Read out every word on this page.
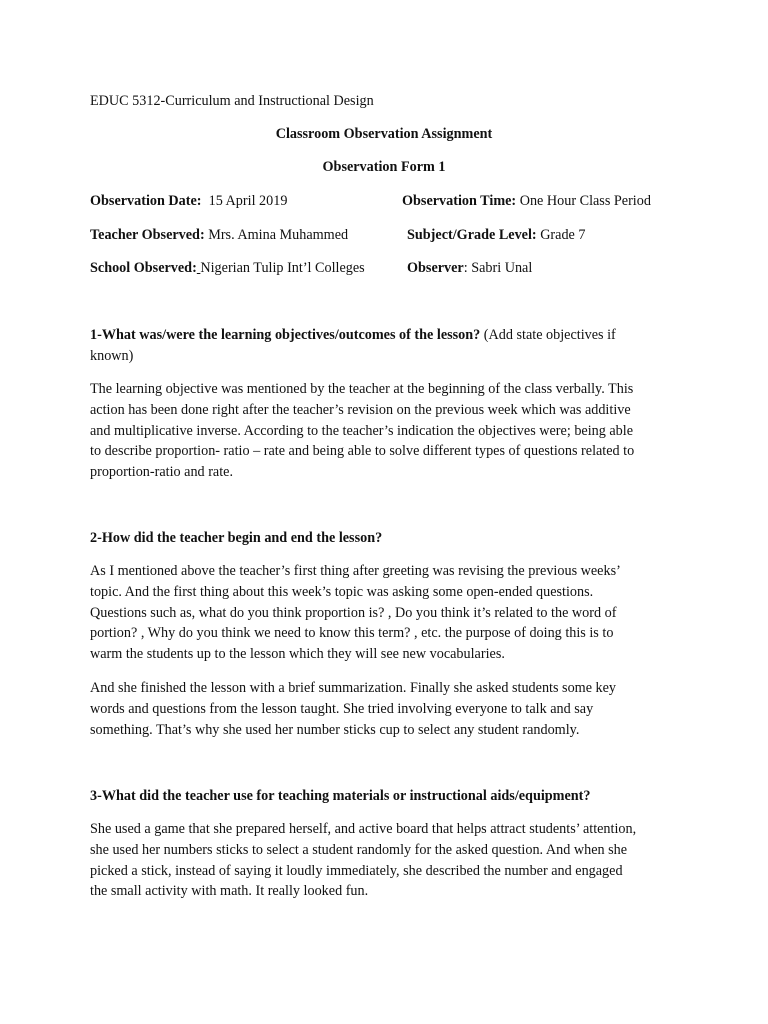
EDUC 5312-Curriculum and Instructional Design
Classroom Observation Assignment
Observation Form 1
Observation Date: 15 April 2019	Observation Time: One Hour Class Period
Teacher Observed: Mrs. Amina Muhammed	Subject/Grade Level: Grade 7
School Observed: Nigerian Tulip Int’l Colleges	Observer: Sabri Unal
1-What was/were the learning objectives/outcomes of the lesson? (Add state objectives if
known)
The learning objective was mentioned by the teacher at the beginning of the class verbally. This
action has been done right after the teacher’s revision on the previous week which was additive
and multiplicative inverse. According to the teacher’s indication the objectives were; being able
to describe proportion- ratio – rate and being able to solve different types of questions related to
proportion-ratio and rate.
2-How did the teacher begin and end the lesson?
As I mentioned above the teacher’s first thing after greeting was revising the previous weeks’
topic. And the first thing about this week’s topic was asking some open-ended questions.
Questions such as, what do you think proportion is? , Do you think it’s related to the word of
portion? , Why do you think we need to know this term? , etc. the purpose of doing this is to
warm the students up to the lesson which they will see new vocabularies.
And she finished the lesson with a brief summarization. Finally she asked students some key
words and questions from the lesson taught. She tried involving everyone to talk and say
something. That’s why she used her number sticks cup to select any student randomly.
3-What did the teacher use for teaching materials or instructional aids/equipment?
She used a game that she prepared herself, and active board that helps attract students’ attention,
she used her numbers sticks to select a student randomly for the asked question. And when she
picked a stick, instead of saying it loudly immediately, she described the number and engaged
the small activity with math. It really looked fun.
